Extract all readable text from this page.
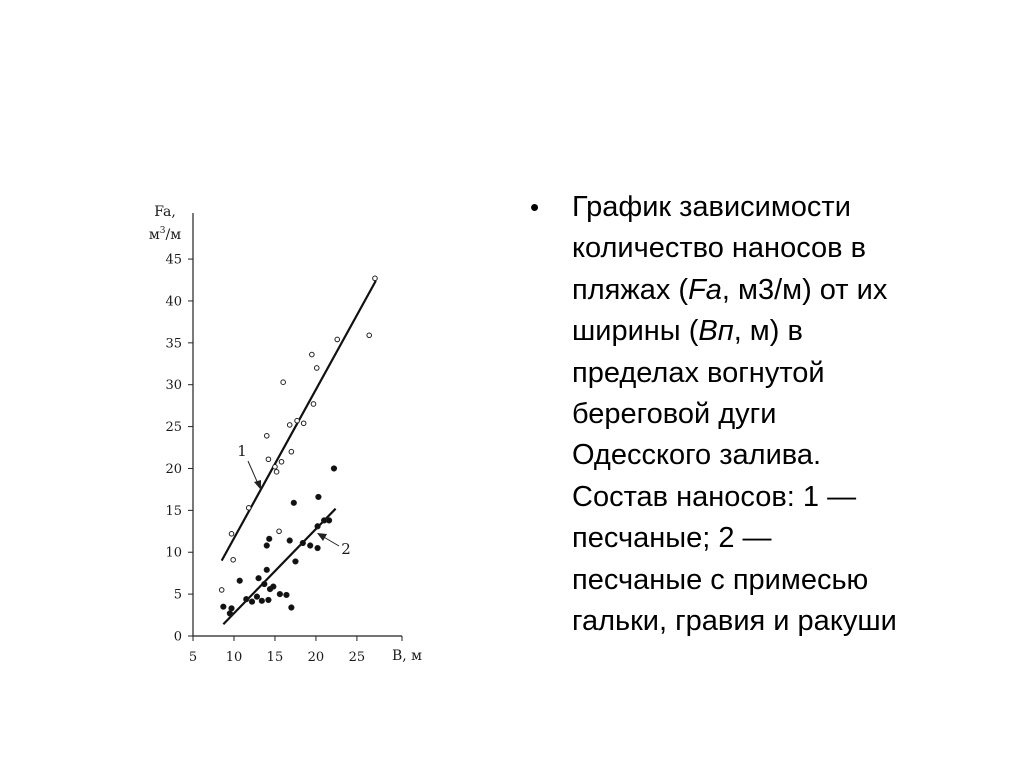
Fa,
$м^3/м$
0
5
10
15
20
25
30
35
40
45
B, м
5 10 15 20 25
1
2
• График зависимости
количество наносов в
пляжах (Fa, м3/м) от их
ширины (Вп, м) в
пределах вогнутой
береговой дуги
Одесского залива.
Состав наносов: 1 —
песчаные; 2 —
песчаные с примесью
гальки, гравия и ракуши
